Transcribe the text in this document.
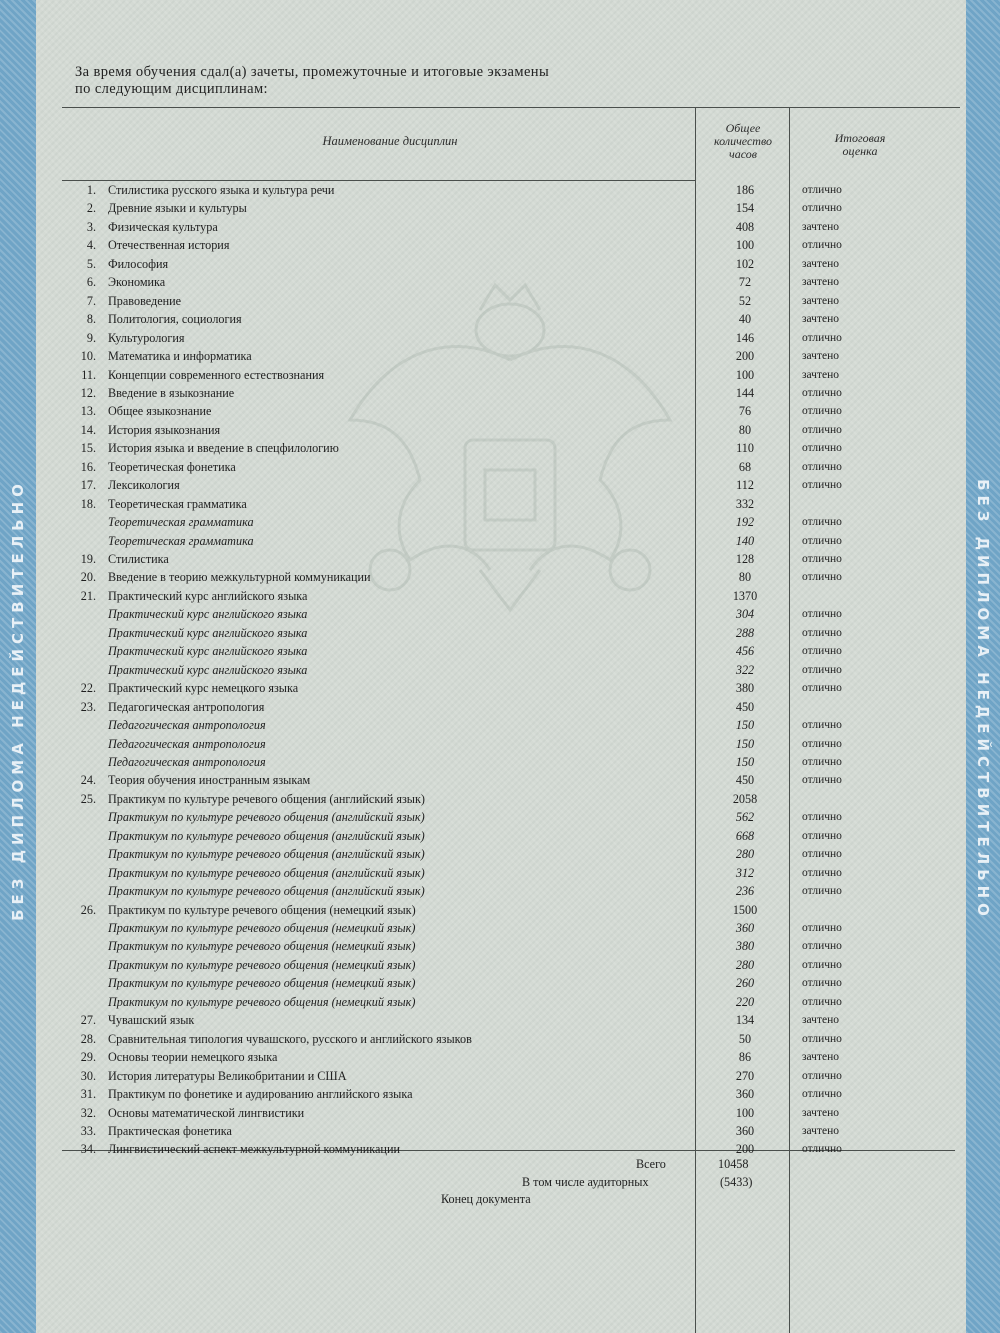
БЕЗ ДИПЛОМА НЕДЕЙСТВИТЕЛЬНО	БЕЗ ДИПЛОМА НЕДЕЙСТВИТЕЛЬНО
За время обучения сдал(а) зачеты, промежуточные и итоговые экзамены
по следующим дисциплинам:
Наименование дисциплин
Общее
количество
часов
Итоговая
оценка
1. Стилистика русского языка и культура речи	186	отлично
2. Древние языки и культуры	154	отлично
3. Физическая культура	408	зачтено
4. Отечественная история	100	отлично
5. Философия	102	зачтено
6. Экономика	72	зачтено
7. Правоведение	52	зачтено
8. Политология, социология	40	зачтено
9. Культурология	146	отлично
10. Математика и информатика	200	зачтено
11. Концепции современного естествознания	100	зачтено
12. Введение в языкознание	144	отлично
13. Общее языкознание	76	отлично
14. История языкознания	80	отлично
15. История языка и введение в спецфилологию	110	отлично
16. Теоретическая фонетика	68	отлично
17. Лексикология	112	отлично
18. Теоретическая грамматика	332
Теоретическая грамматика	192	отлично
Теоретическая грамматика	140	отлично
19. Стилистика	128	отлично
20. Введение в теорию межкультурной коммуникации	80	отлично
21. Практический курс английского языка	1370
Практический курс английского языка	304	отлично
Практический курс английского языка	288	отлично
Практический курс английского языка	456	отлично
Практический курс английского языка	322	отлично
22. Практический курс немецкого языка	380	отлично
23. Педагогическая антропология	450
Педагогическая антропология	150	отлично
Педагогическая антропология	150	отлично
Педагогическая антропология	150	отлично
24. Теория обучения иностранным языкам	450	отлично
25. Практикум по культуре речевого общения (английский язык)	2058
Практикум по культуре речевого общения (английский язык)	562	отлично
Практикум по культуре речевого общения (английский язык)	668	отлично
Практикум по культуре речевого общения (английский язык)	280	отлично
Практикум по культуре речевого общения (английский язык)	312	отлично
Практикум по культуре речевого общения (английский язык)	236	отлично
26. Практикум по культуре речевого общения (немецкий язык)	1500
Практикум по культуре речевого общения (немецкий язык)	360	отлично
Практикум по культуре речевого общения (немецкий язык)	380	отлично
Практикум по культуре речевого общения (немецкий язык)	280	отлично
Практикум по культуре речевого общения (немецкий язык)	260	отлично
Практикум по культуре речевого общения (немецкий язык)	220	отлично
27. Чувашский язык	134	зачтено
28. Сравнительная типология чувашского, русского и английского языков	50	отлично
29. Основы теории немецкого языка	86	зачтено
30. История литературы Великобритании и США	270	отлично
31. Практикум по фонетике и аудированию английского языка	360	отлично
32. Основы математической лингвистики	100	зачтено
33. Практическая фонетика	360	зачтено
34. Лингвистический аспект межкультурной коммуникации	200	отлично
Всего	10458
В том числе аудиторных	(5433)
Конец документа
